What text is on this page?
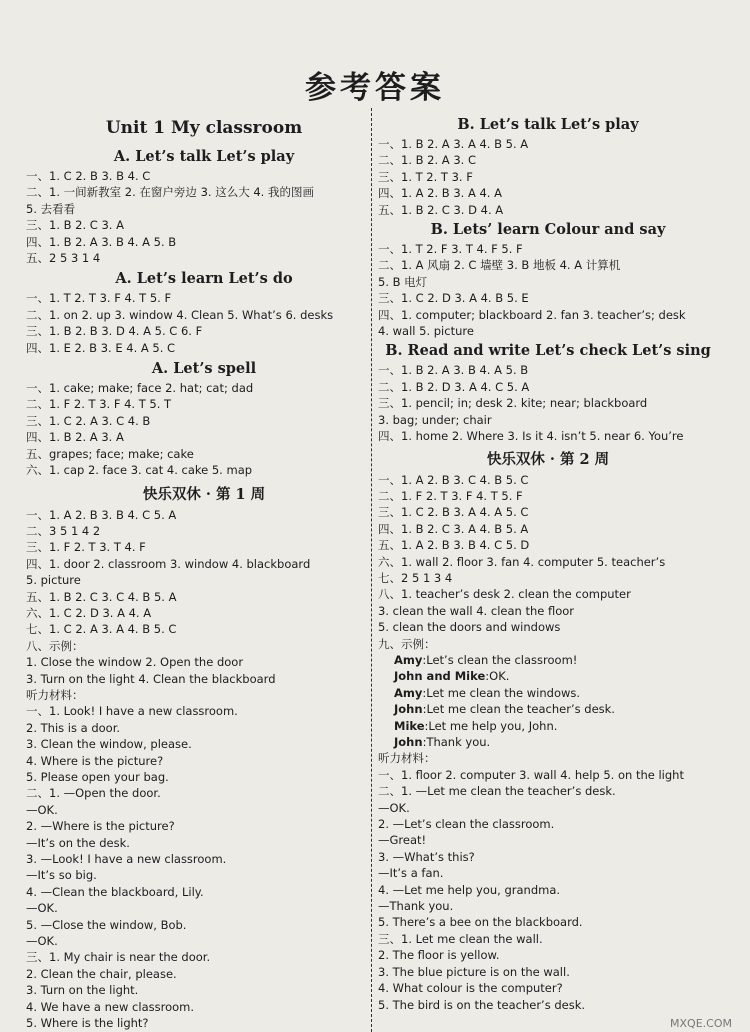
参考答案
Unit 1 My classroom
A. Let’s talk Let’s play
一、1. C 2. B 3. B 4. C
二、1. 一间新教室 2. 在窗户旁边 3. 这么大 4. 我的图画
5. 去看看
三、1. B 2. C 3. A
四、1. B 2. A 3. B 4. A 5. B
五、2 5 3 1 4
A. Let’s learn Let’s do
一、1. T 2. T 3. F 4. T 5. F
二、1. on 2. up 3. window 4. Clean 5. What’s 6. desks
三、1. B 2. B 3. D 4. A 5. C 6. F
四、1. E 2. B 3. E 4. A 5. C
A. Let’s spell
一、1. cake; make; face 2. hat; cat; dad
二、1. F 2. T 3. F 4. T 5. T
三、1. C 2. A 3. C 4. B
四、1. B 2. A 3. A
五、grapes; face; make; cake
六、1. cap 2. face 3. cat 4. cake 5. map
快乐双休 · 第 1 周
一、1. A 2. B 3. B 4. C 5. A
二、3 5 1 4 2
三、1. F 2. T 3. T 4. F
四、1. door 2. classroom 3. window 4. blackboard
5. picture
五、1. B 2. C 3. C 4. B 5. A
六、1. C 2. D 3. A 4. A
七、1. C 2. A 3. A 4. B 5. C
八、示例：
1. Close the window 2. Open the door
3. Turn on the light 4. Clean the blackboard
听力材料：
一、1. Look! I have a new classroom.
2. This is a door.
3. Clean the window, please.
4. Where is the picture?
5. Please open your bag.
二、1. —Open the door.
—OK.
2. —Where is the picture?
—It’s on the desk.
3. —Look! I have a new classroom.
—It’s so big.
4. —Clean the blackboard, Lily.
—OK.
5. —Close the window, Bob.
—OK.
三、1. My chair is near the door.
2. Clean the chair, please.
3. Turn on the light.
4. We have a new classroom.
5. Where is the light?
B. Let’s talk Let’s play
一、1. B 2. A 3. A 4. B 5. A
二、1. B 2. A 3. C
三、1. T 2. T 3. F
四、1. A 2. B 3. A 4. A
五、1. B 2. C 3. D 4. A
B. Lets’ learn Colour and say
一、1. T 2. F 3. T 4. F 5. F
二、1. A 风扇 2. C 墙壁 3. B 地板 4. A 计算机
5. B 电灯
三、1. C 2. D 3. A 4. B 5. E
四、1. computer; blackboard 2. fan 3. teacher’s; desk
4. wall 5. picture
B. Read and write Let’s check Let’s sing
一、1. B 2. A 3. B 4. A 5. B
二、1. B 2. D 3. A 4. C 5. A
三、1. pencil; in; desk 2. kite; near; blackboard
3. bag; under; chair
四、1. home 2. Where 3. Is it 4. isn’t 5. near 6. You’re
快乐双休 · 第 2 周
一、1. A 2. B 3. C 4. B 5. C
二、1. F 2. T 3. F 4. T 5. F
三、1. C 2. B 3. A 4. A 5. C
四、1. B 2. C 3. A 4. B 5. A
五、1. A 2. B 3. B 4. C 5. D
六、1. wall 2. floor 3. fan 4. computer 5. teacher’s
七、2 5 1 3 4
八、1. teacher’s desk 2. clean the computer
3. clean the wall 4. clean the floor
5. clean the doors and windows
九、示例：
Amy:Let’s clean the classroom!
John and Mike:OK.
Amy:Let me clean the windows.
John:Let me clean the teacher’s desk.
Mike:Let me help you, John.
John:Thank you.
听力材料：
一、1. floor 2. computer 3. wall 4. help 5. on the light
二、1. —Let me clean the teacher’s desk.
—OK.
2. —Let’s clean the classroom.
—Great!
3. —What’s this?
—It’s a fan.
4. —Let me help you, grandma.
—Thank you.
5. There’s a bee on the blackboard.
三、1. Let me clean the wall.
2. The floor is yellow.
3. The blue picture is on the wall.
4. What colour is the computer?
5. The bird is on the teacher’s desk.
MXQE.COM
